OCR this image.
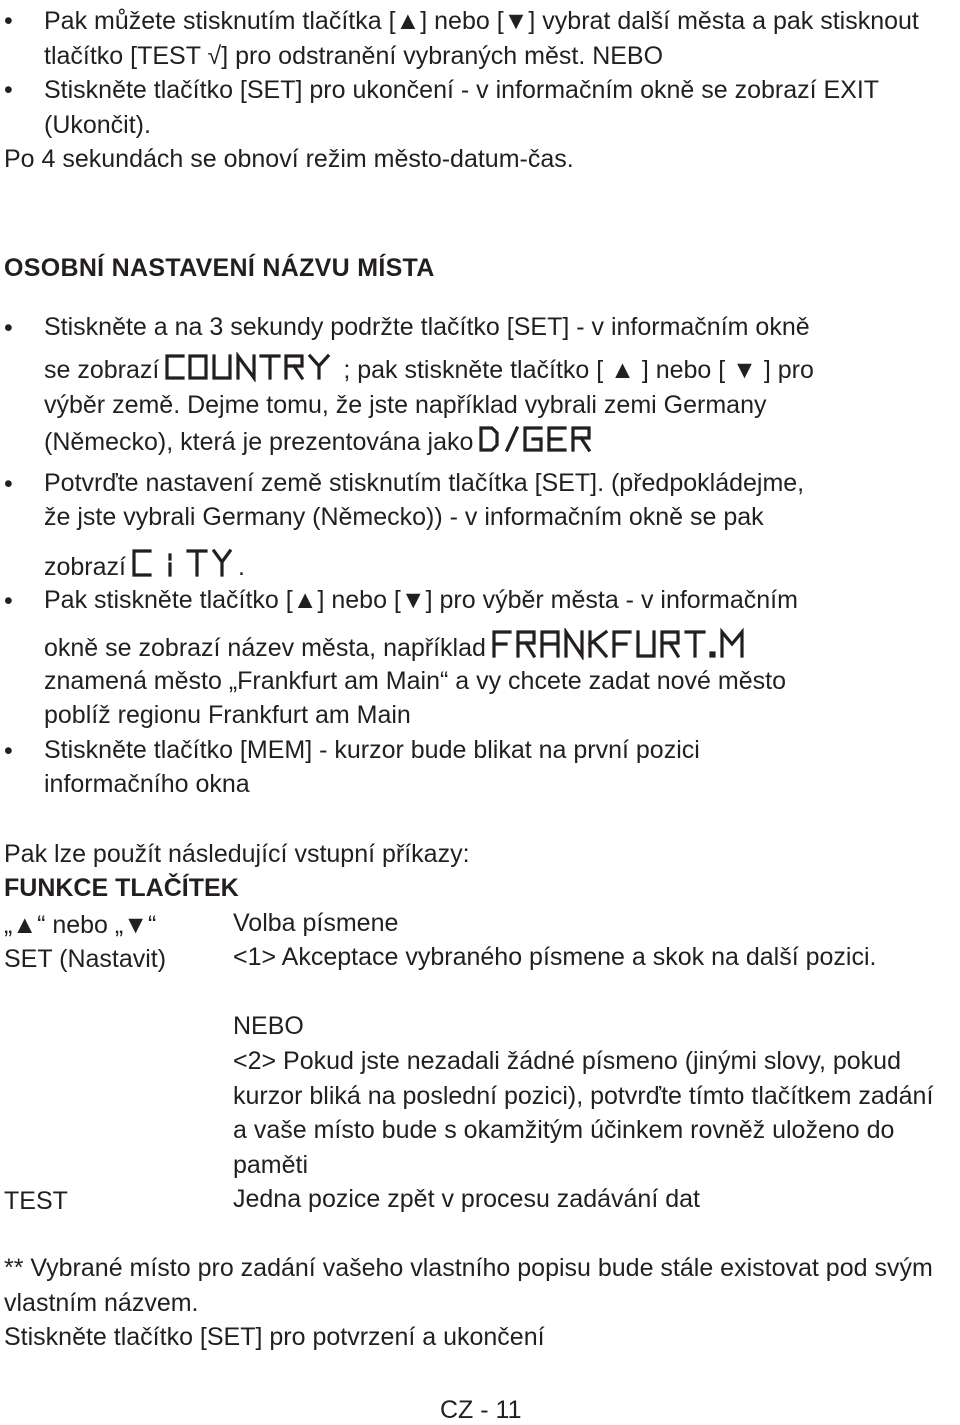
• Pak můžete stisknutím tlačítka [▲] nebo [▼] vybrat další města a pak stisknout tlačítko [TEST √] pro odstranění vybraných měst. NEBO
• Stiskněte tlačítko [SET] pro ukončení - v informačním okně se zobrazí EXIT (Ukončit).
Po 4 sekundách se obnoví režim město-datum-čas.
OSOBNÍ NASTAVENÍ NÁZVU MÍSTA
• Stiskněte a na 3 sekundy podržte tlačítko [SET] - v informačním okně
se zobrazí	; pak stiskněte tlačítko [ ▲ ] nebo [ ▼ ] pro
výběr země. Dejme tomu, že jste například vybrali zemi Germany
(Německo), která je prezentována jako
• Potvrďte nastavení země stisknutím tlačítka [SET]. (předpokládejme,
že jste vybrali Germany (Německo)) - v informačním okně se pak
zobrazí	.
• Pak stiskněte tlačítko [▲] nebo [▼] pro výběr města - v informačním
okně se zobrazí název města, například
znamená město „Frankfurt am Main“ a vy chcete zadat nové město
poblíž regionu Frankfurt am Main
• Stiskněte tlačítko [MEM] - kurzor bude blikat na první pozici
informačního okna
Pak lze použít následující vstupní příkazy:
FUNKCE TLAČÍTEK
„▲“ nebo „▼“	Volba písmene
SET (Nastavit)	<1> Akceptace vybraného písmene a skok na další pozici.
NEBO
<2> Pokud jste nezadali žádné písmeno (jinými slovy, pokud kurzor bliká na poslední pozici), potvrďte tímto tlačítkem zadání a vaše místo bude s okamžitým účinkem rovněž uloženo do paměti
TEST	Jedna pozice zpět v procesu zadávání dat
** Vybrané místo pro zadání vašeho vlastního popisu bude stále existovat pod svým vlastním názvem.
Stiskněte tlačítko [SET] pro potvrzení a ukončení
CZ - 11
